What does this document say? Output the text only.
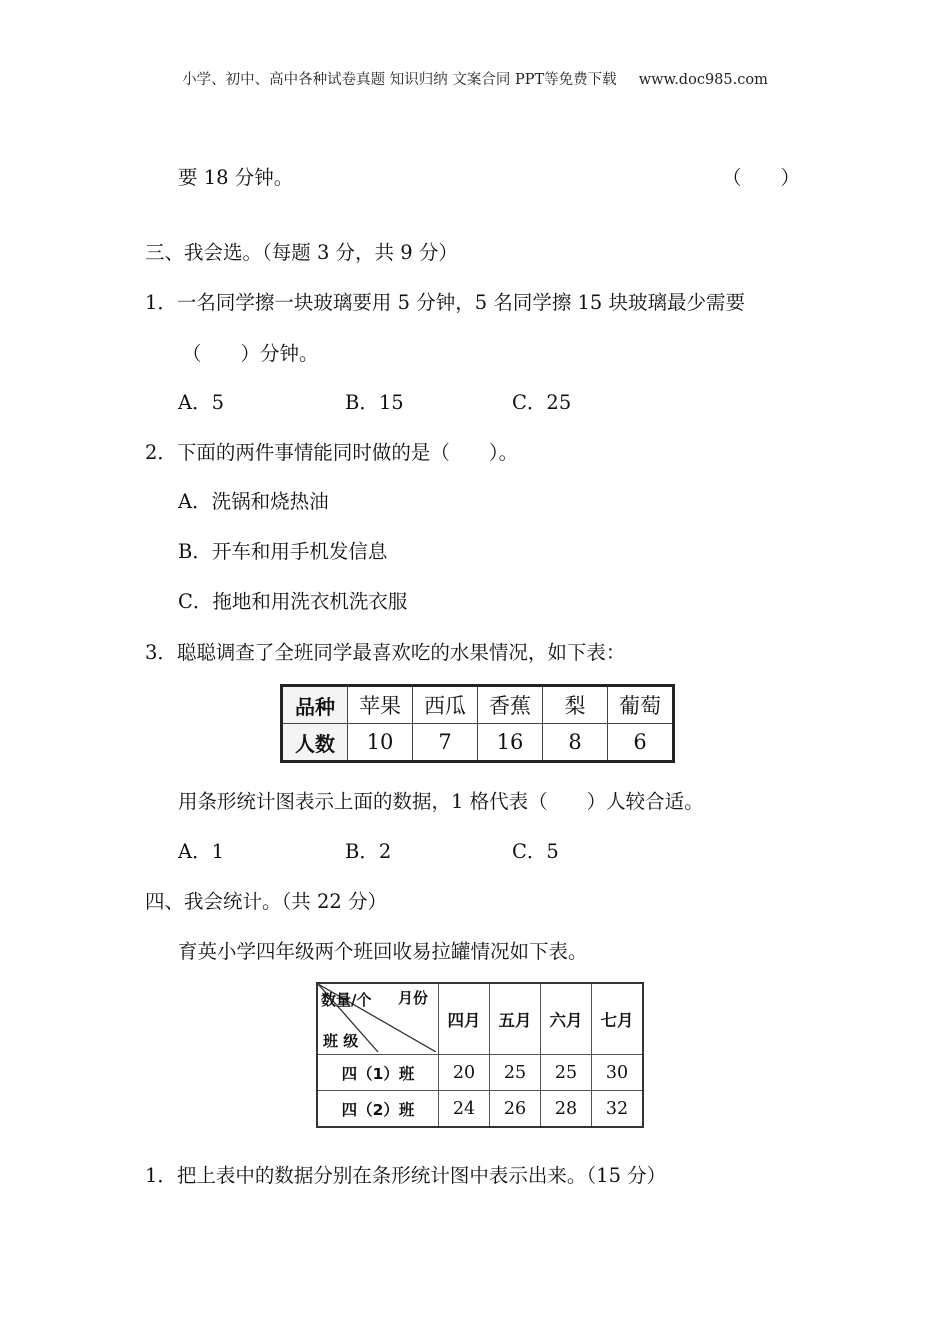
小学、初中、高中各种试卷真题 知识归纳 文案合同 PPT等免费下载 www.doc985.com
要 18 分钟。	（　　）
三、我会选。（每题 3 分，共 9 分）
1．一名同学擦一块玻璃要用 5 分钟，5 名同学擦 15 块玻璃最少需要
（　　）分钟。
A．5	B．15	C．25
2．下面的两件事情能同时做的是（　　）。
A．洗锅和烧热油
B．开车和用手机发信息
C．拖地和用洗衣机洗衣服
3．聪聪调查了全班同学最喜欢吃的水果情况，如下表：
品种	苹果	西瓜	香蕉	梨	葡萄
人数	10	7	16	8	6
用条形统计图表示上面的数据，1 格代表（　　）人较合适。
A．1	B．2	C．5
四、我会统计。（共 22 分）
育英小学四年级两个班回收易拉罐情况如下表。
数量/个 月份
班 级	四月	五月	六月	七月
四（1）班	20	25	25	30
四（2）班	24	26	28	32
1．把上表中的数据分别在条形统计图中表示出来。（15 分）
